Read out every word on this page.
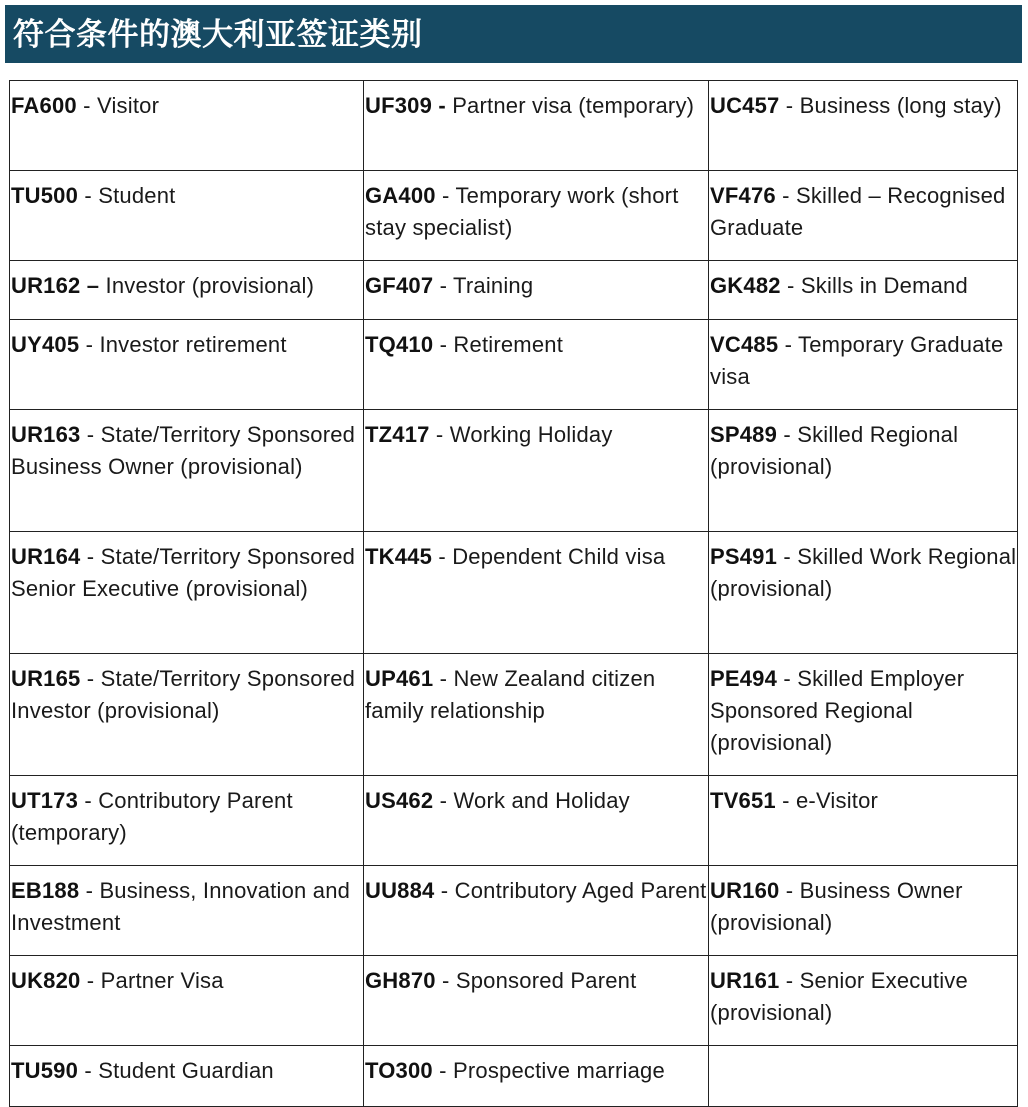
符合条件的澳大利亚签证类别
FA600 - Visitor	UF309 - Partner visa (temporary)	UC457 - Business (long stay)
TU500 - Student	GA400 - Temporary work (short stay specialist)	VF476 - Skilled – Recognised Graduate
UR162 – Investor (provisional)	GF407 - Training	GK482 - Skills in Demand
UY405 - Investor retirement	TQ410 - Retirement	VC485 - Temporary Graduate visa
UR163 - State/Territory Sponsored Business Owner (provisional)	TZ417 - Working Holiday	SP489 - Skilled Regional (provisional)
UR164 - State/Territory Sponsored Senior Executive (provisional)	TK445 - Dependent Child visa	PS491 - Skilled Work Regional (provisional)
UR165 - State/Territory Sponsored Investor (provisional)	UP461 - New Zealand citizen family relationship	PE494 - Skilled Employer Sponsored Regional (provisional)
UT173 - Contributory Parent (temporary)	US462 - Work and Holiday	TV651 - e-Visitor
EB188 - Business, Innovation and Investment	UU884 - Contributory Aged Parent	UR160 - Business Owner (provisional)
UK820 - Partner Visa	GH870 - Sponsored Parent	UR161 - Senior Executive (provisional)
TU590 - Student Guardian	TO300 - Prospective marriage	
